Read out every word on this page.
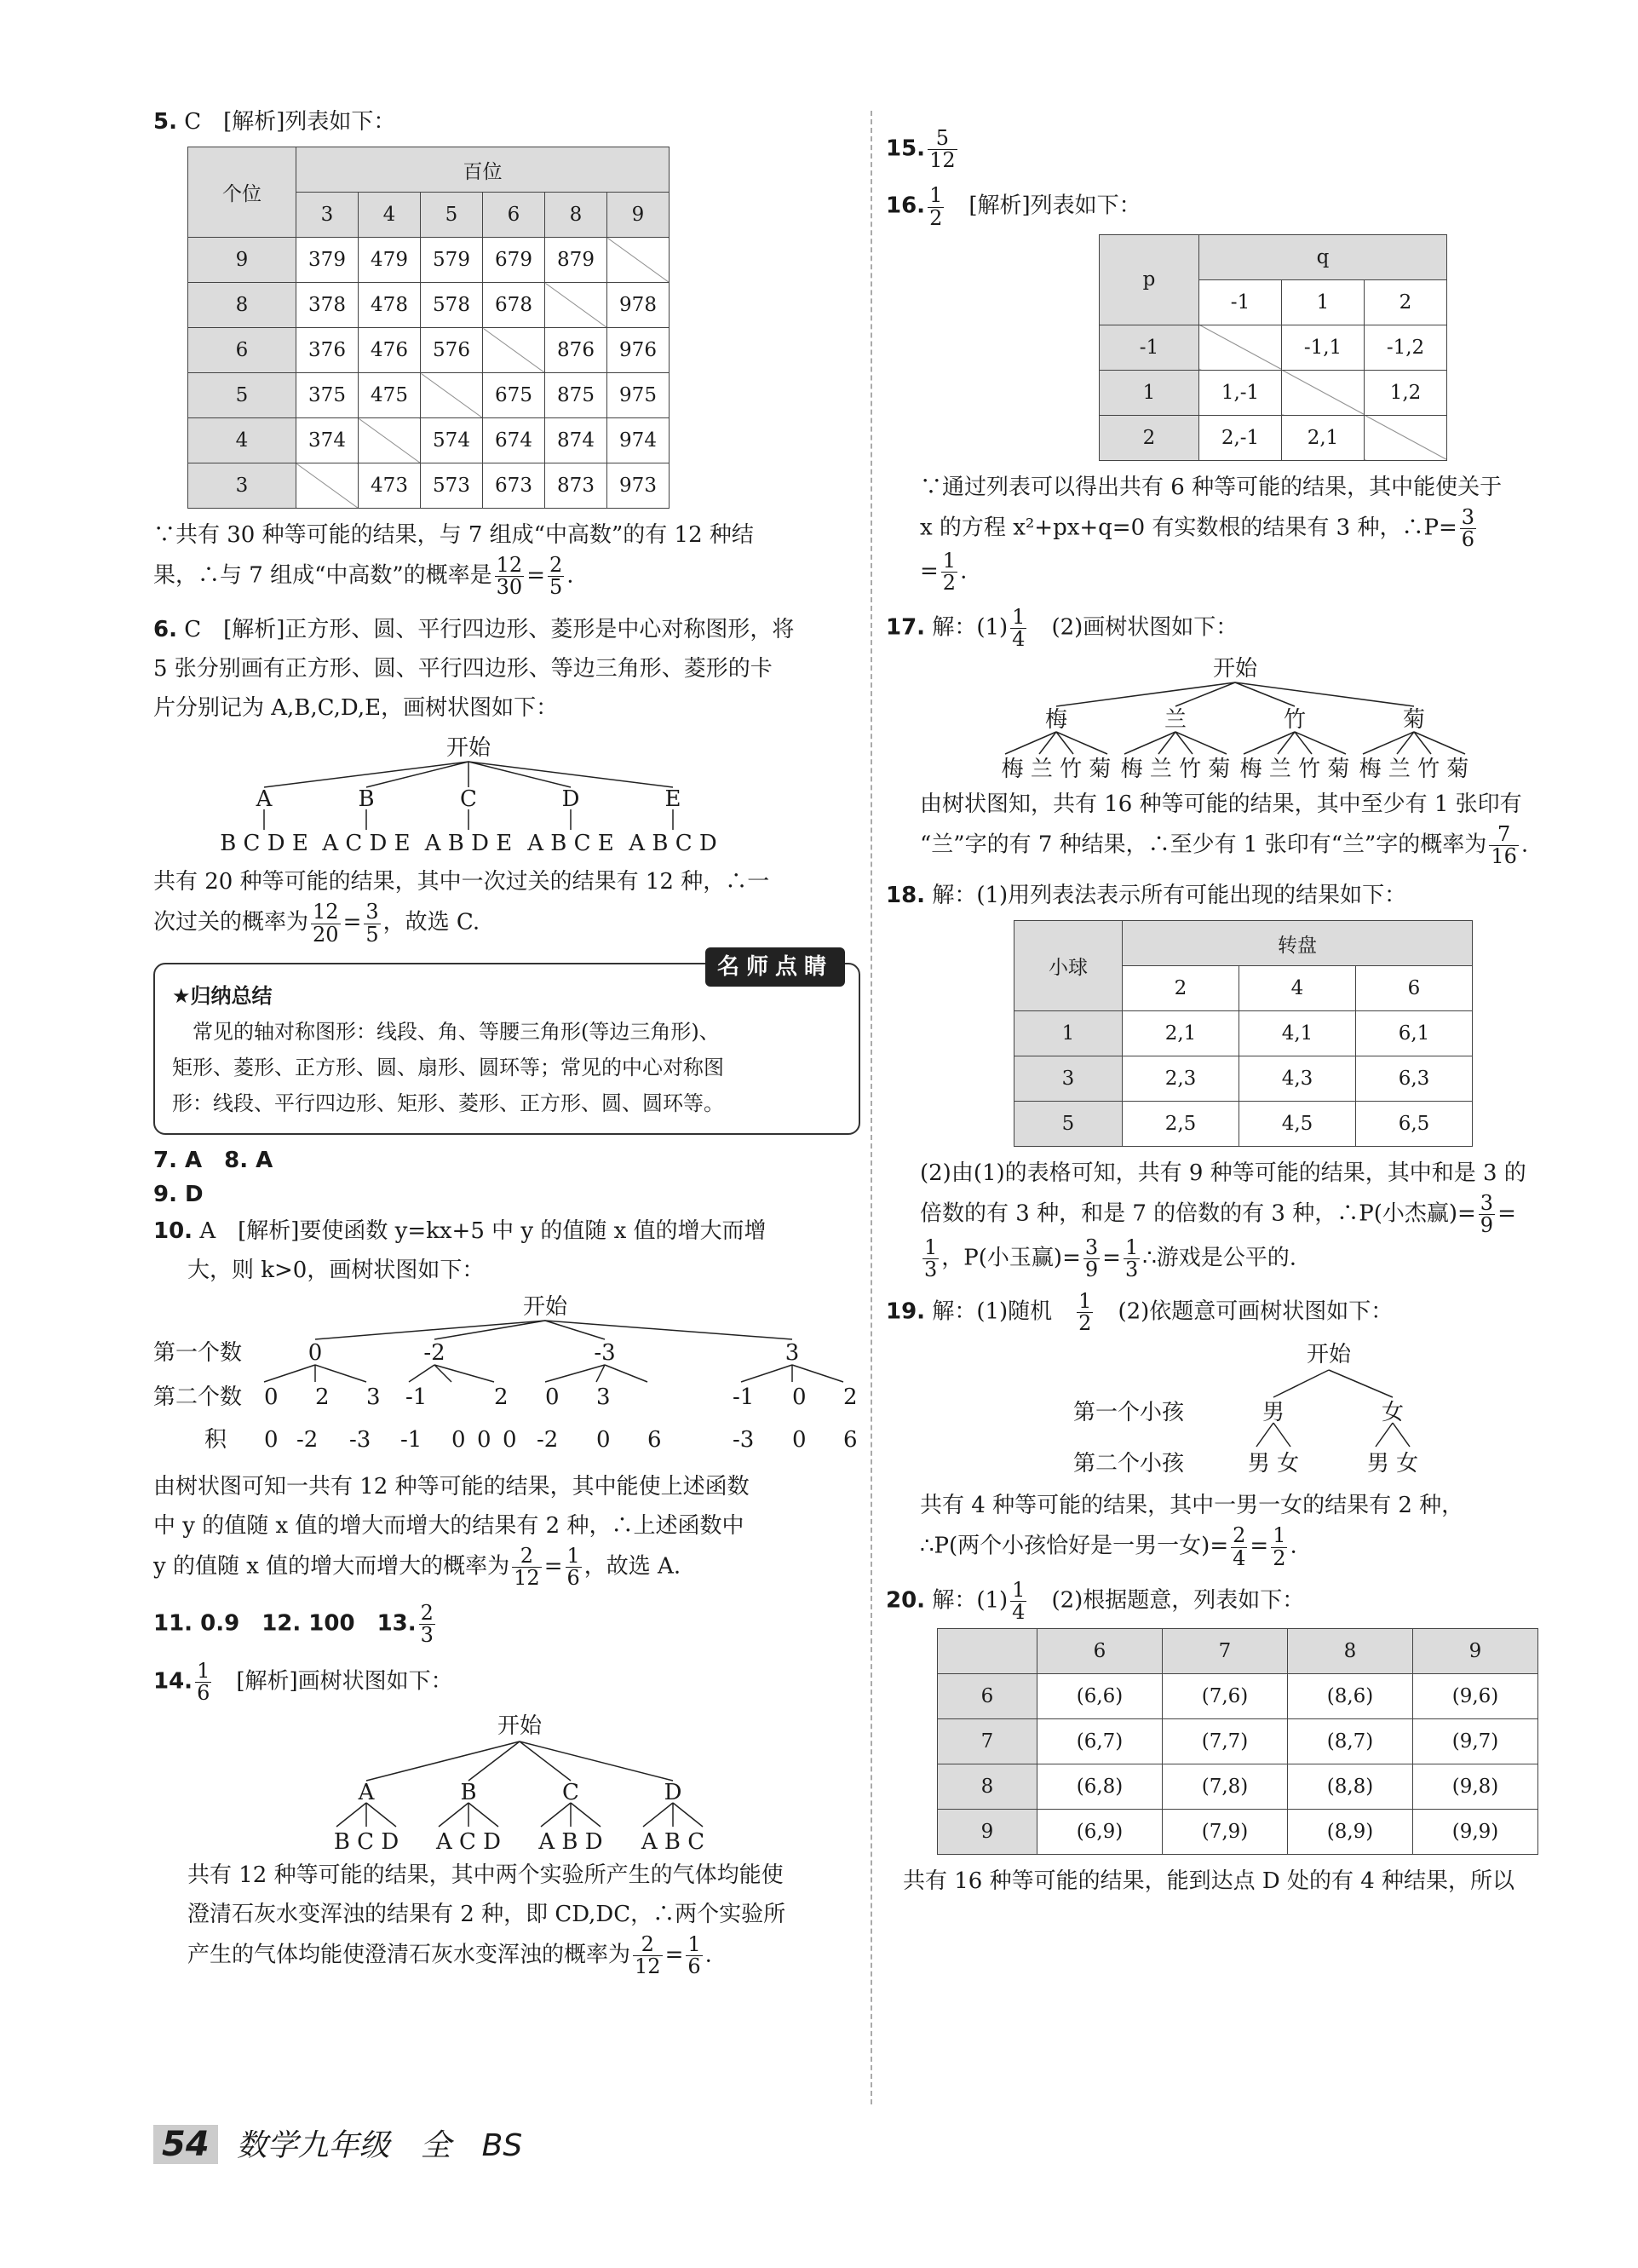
5. C　[解析]列表如下：

个位	百位					
	3	4	5	6	8	9
9	379	479	579	679	879	
8	378	478	578	678		978
6	376	476	576		876	976
5	375	475		675	875	975
4	374		574	674	874	974
3		473	573	673	873	973

∵共有 30 种等可能的结果，与 7 组成“中高数”的有 12 种结

果，∴与 7 组成“中高数”的概率是 $\frac{12}{30} = \frac{2}{5}$ .

6. C　[解析]正方形、圆、平行四边形、菱形是中心对称图形，将

5 张分别画有正方形、圆、平行四边形、等边三角形、菱形的卡

片分别记为 A,B,C,D,E，画树状图如下：

开始
A	B	C	D	E
B C D E A C D E A B D E A B C E A B C D

共有 20 种等可能的结果，其中一次过关的结果有 12 种，∴一

次过关的概率为 $\frac{12}{20} = \frac{3}{5}$ ，故选 C.

名师点睛
★归纳总结
常见的轴对称图形：线段、角、等腰三角形(等边三角形)、
矩形、菱形、正方形、圆、扇形、圆环等；常见的中心对称图
形：线段、平行四边形、矩形、菱形、正方形、圆、圆环等。

7. A　8. A

9. D

10. A　[解析]要使函数 y=kx+5 中 y 的值随 x 值的增大而增

大，则 k>0，画树状图如下：

开始
第一个数	0	-2	-3	3
第二个数 0 2 3 -1	2 0 3	-1 0 2
积 0 -2 -3 -1	0
0 0 -2 0 6	-3 0 6

由树状图可知一共有 12 种等可能的结果，其中能使上述函数

中 y 的值随 x 值的增大而增大的结果有 2 种，∴上述函数中

y 的值随 x 值的增大而增大的概率为 $\frac{2}{12} = \frac{1}{6}$ ，故选 A.

11. 0.9　 12. 100　 13. $\frac{2}{3}$

14. $\frac{1}{6}$
　 [解析]画树状图如下：

开始
A	B	C	D
B C D A C D A B D A B C

共有 12 种等可能的结果，其中两个实验所产生的气体均能使

澄清石灰水变浑浊的结果有 2 种，即 CD,DC，∴两个实验所

产生的气体均能使澄清石灰水变浑浊的概率为 $\frac{2}{12} = \frac{1}{6}$ .

15. $\frac{5}{12}$

16. $\frac{1}{2}$
　 [解析]列表如下：

p	q		
	-1	1	2
-1		-1,1	-1,2
1	1,-1		1,2
2	2,-1	2,1	

∵通过列表可以得出共有 6 种等可能的结果，其中能使关于

x 的方程 x²+px+q=0 有实数根的结果有 3 种，∴P= $\frac{3}{6}$

= $\frac{1}{2}$ .

17. 解：$(1) \frac{1}{4}$ 　(2)画树状图如下：

开始
梅	兰	竹	菊
梅 兰 竹 菊 梅 兰 竹 菊 梅 兰 竹 菊 梅 兰 竹 菊

由树状图知，共有 16 种等可能的结果，其中至少有 1 张印有

“兰”字的有 7 种结果，∴至少有 1 张印有“兰”字的概率为 $\frac{7}{16}$ .

18. 解：(1)用列表法表示所有可能出现的结果如下：

小球	转盘		
	2	4	6
1	2,1	4,1	6,1
3	2,3	4,3	6,3
5	2,5	4,5	6,5

(2)由(1)的表格可知，共有 9 种等可能的结果，其中和是 3 的

倍数的有 3 种，和是 7 的倍数的有 3 种，∴P(小杰赢)= $\frac{3}{9}$ =

$\frac{1}{3}$ ，P(小玉赢)= $\frac{3}{9} = \frac{1}{3}$ ∴游戏是公平的.

19. 解：(1)随机　 $\frac{1}{2}$ 　(2)依题意可画树状图如下：

开始
第一个小孩	男	女
第二个小孩	男 女	男 女

共有 4 种等可能的结果，其中一男一女的结果有 2 种，

∴P(两个小孩恰好是一男一女)= $\frac{2}{4} = \frac{1}{2}$ .

20. 解：$(1) \frac{1}{4}$ 　(2)根据题意，列表如下：

	6	7	8	9
6	(6,6)	(7,6)	(8,6)	(9,6)
7	(6,7)	(7,7)	(8,7)	(9,7)
8	(6,8)	(7,8)	(8,8)	(9,8)
9	(6,9)	(7,9)	(8,9)	(9,9)

共有 16 种等可能的结果，能到达点 D 处的有 4 种结果，所以

54 数学九年级　全　BS
